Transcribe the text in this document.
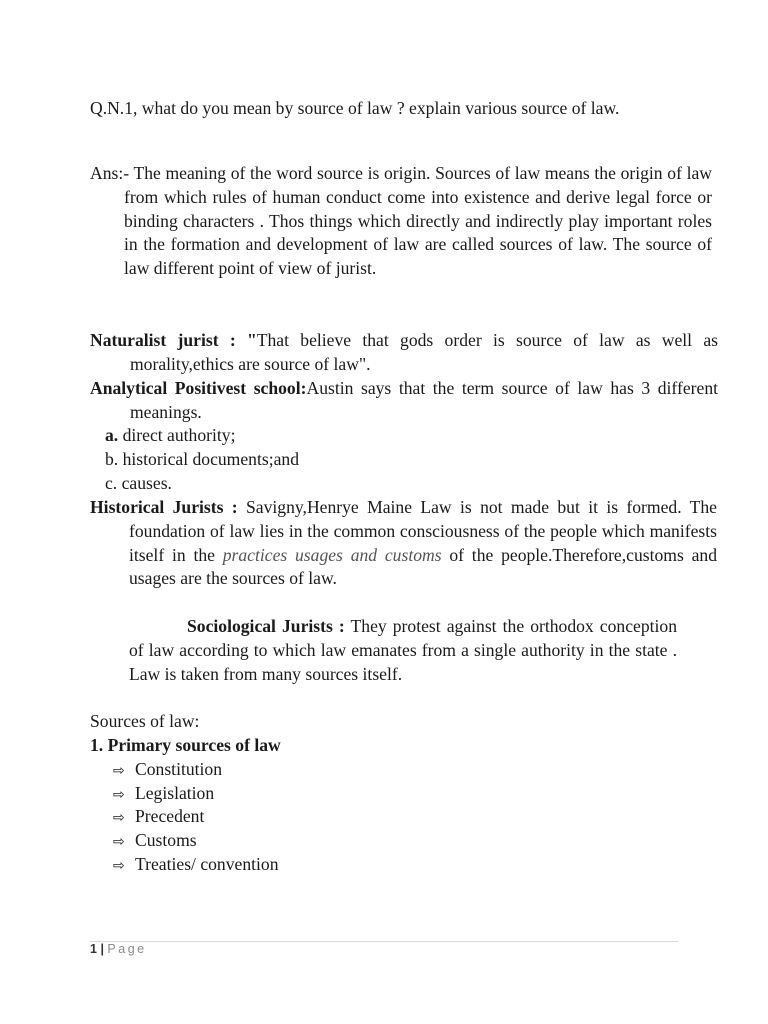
Q.N.1, what do you mean by source of law ? explain various source of law.
Ans:- The meaning of the word source is origin. Sources of law means the origin of law from which rules of human conduct come into existence and derive legal force or binding characters . Thos things which directly and indirectly play important roles in the formation and development of law are called sources of law. The source of law different point of view of jurist.
Naturalist jurist : "That believe that gods order is source of law as well as morality,ethics are source of law".
Analytical Positivest school:Austin says that the term source of law has 3 different meanings.
a. direct authority;
b. historical documents;and
c. causes.
Historical Jurists : Savigny,Henrye Maine Law is not made but it is formed. The foundation of law lies in the common consciousness of the people which manifests itself in the practices usages and customs of the people.Therefore,customs and usages are the sources of law.
Sociological Jurists : They protest against the orthodox conception of law according to which law emanates from a single authority in the state . Law is taken from many sources itself.
Sources of law:
1. Primary sources of law
⇨ Constitution
⇨ Legislation
⇨ Precedent
⇨ Customs
⇨ Treaties/ convention
1 | Page
